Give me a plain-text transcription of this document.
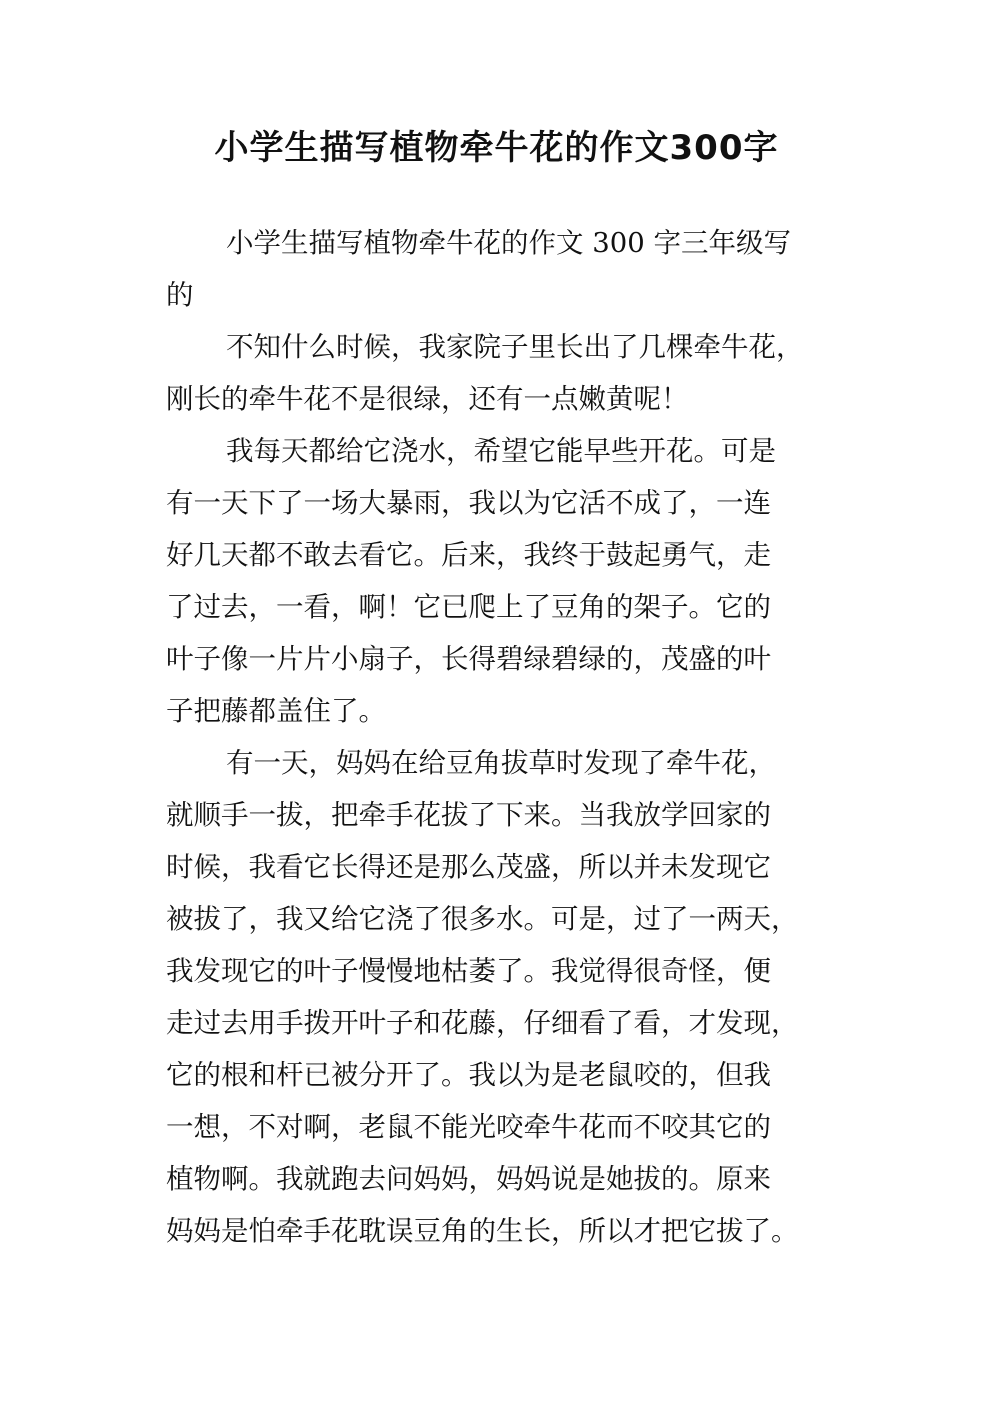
小学生描写植物牵牛花的作文300字
小学生描写植物牵牛花的作文 300 字三年级写
的
不知什么时候，我家院子里长出了几棵牵牛花，
刚长的牵牛花不是很绿，还有一点嫩黄呢！
我每天都给它浇水，希望它能早些开花。可是
有一天下了一场大暴雨，我以为它活不成了，一连
好几天都不敢去看它。后来，我终于鼓起勇气，走
了过去，一看，啊！它已爬上了豆角的架子。它的
叶子像一片片小扇子，长得碧绿碧绿的，茂盛的叶
子把藤都盖住了。
有一天，妈妈在给豆角拔草时发现了牵牛花，
就顺手一拔，把牵手花拔了下来。当我放学回家的
时候，我看它长得还是那么茂盛，所以并未发现它
被拔了，我又给它浇了很多水。可是，过了一两天，
我发现它的叶子慢慢地枯萎了。我觉得很奇怪，便
走过去用手拨开叶子和花藤，仔细看了看，才发现，
它的根和杆已被分开了。我以为是老鼠咬的，但我
一想，不对啊，老鼠不能光咬牵牛花而不咬其它的
植物啊。我就跑去问妈妈，妈妈说是她拔的。原来
妈妈是怕牵手花耽误豆角的生长，所以才把它拔了。
